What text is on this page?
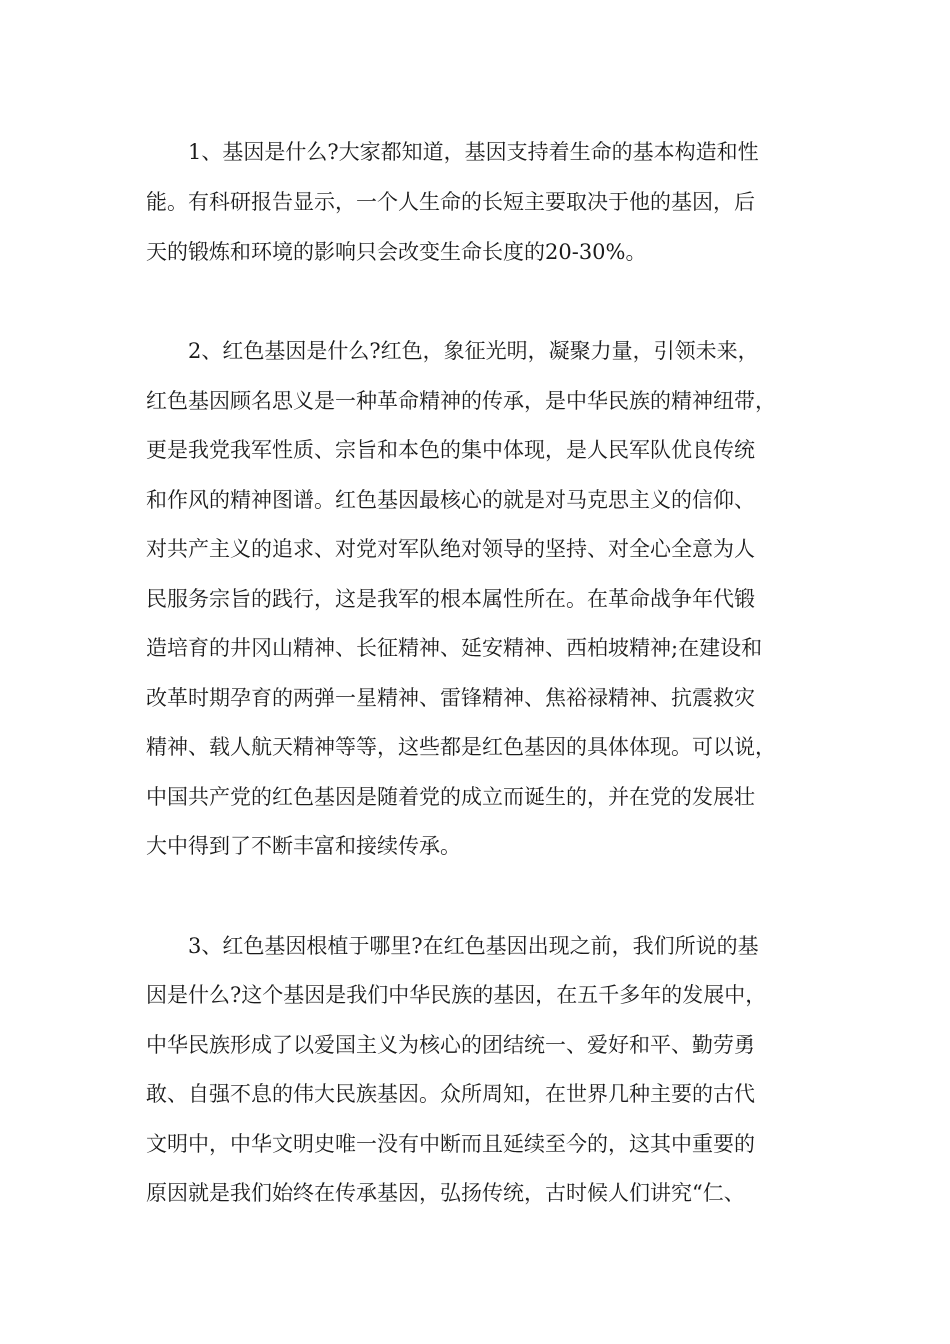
1、基因是什么?大家都知道，基因支持着生命的基本构造和性
能。有科研报告显示，一个人生命的长短主要取决于他的基因，后
天的锻炼和环境的影响只会改变生命长度的20-30%。
2、红色基因是什么?红色，象征光明，凝聚力量，引领未来，
红色基因顾名思义是一种革命精神的传承，是中华民族的精神纽带，
更是我党我军性质、宗旨和本色的集中体现，是人民军队优良传统
和作风的精神图谱。红色基因最核心的就是对马克思主义的信仰、
对共产主义的追求、对党对军队绝对领导的坚持、对全心全意为人
民服务宗旨的践行，这是我军的根本属性所在。在革命战争年代锻
造培育的井冈山精神、长征精神、延安精神、西柏坡精神;在建设和
改革时期孕育的两弹一星精神、雷锋精神、焦裕禄精神、抗震救灾
精神、载人航天精神等等，这些都是红色基因的具体体现。可以说，
中国共产党的红色基因是随着党的成立而诞生的，并在党的发展壮
大中得到了不断丰富和接续传承。
3、红色基因根植于哪里?在红色基因出现之前，我们所说的基
因是什么?这个基因是我们中华民族的基因，在五千多年的发展中，
中华民族形成了以爱国主义为核心的团结统一、爱好和平、勤劳勇
敢、自强不息的伟大民族基因。众所周知，在世界几种主要的古代
文明中，中华文明史唯一没有中断而且延续至今的，这其中重要的
原因就是我们始终在传承基因，弘扬传统，古时候人们讲究“仁、
